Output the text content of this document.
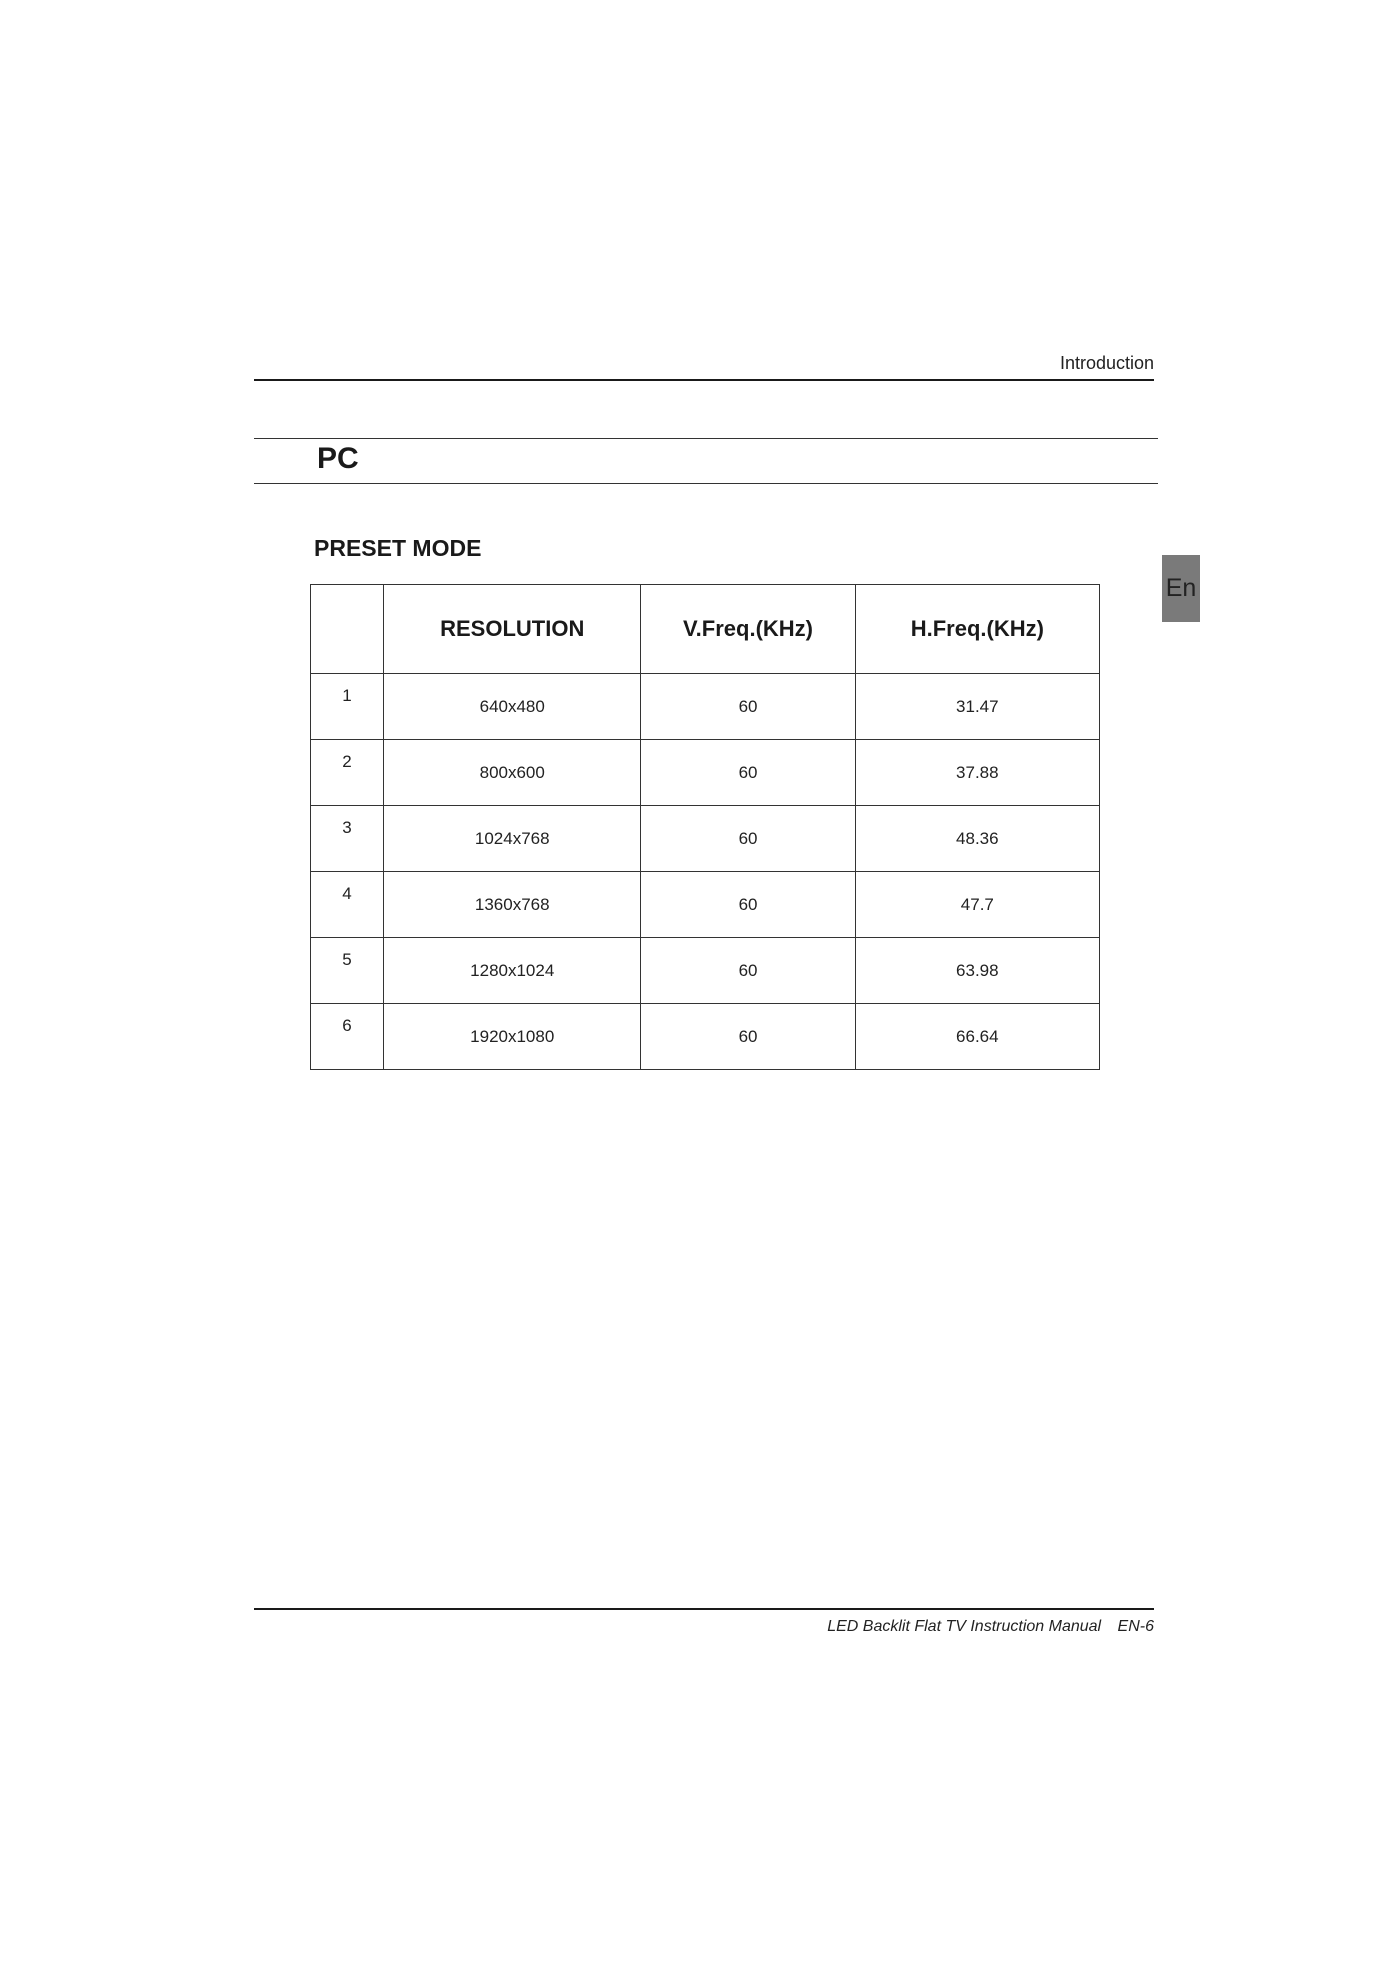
Introduction
PC
PRESET MODE
En
	RESOLUTION	V.Freq.(KHz)	H.Freq.(KHz)
1	640x480	60	31.47
2	800x600	60	37.88
3	1024x768	60	48.36
4	1360x768	60	47.7
5	1280x1024	60	63.98
6	1920x1080	60	66.64
LED Backlit Flat TV Instruction Manual EN-6
